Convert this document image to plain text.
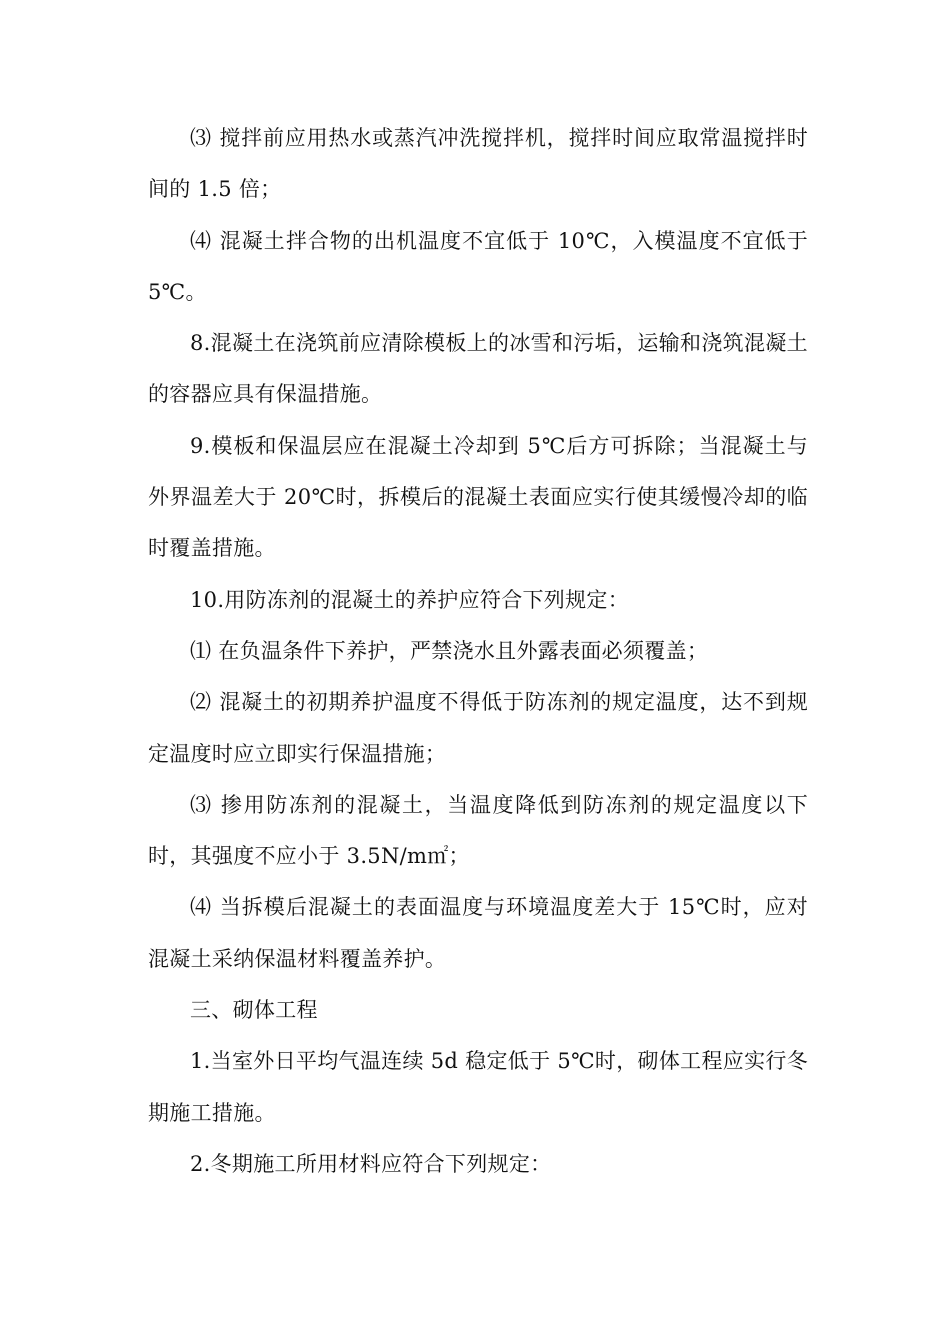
⑶ 搅拌前应用热水或蒸汽冲洗搅拌机，搅拌时间应取常温搅拌时间的 1.5 倍；

⑷ 混凝土拌合物的出机温度不宜低于 10℃，入模温度不宜低于 5℃。

8.混凝土在浇筑前应清除模板上的冰雪和污垢，运输和浇筑混凝土的容器应具有保温措施。

9.模板和保温层应在混凝土冷却到 5℃后方可拆除；当混凝土与外界温差大于 20℃时，拆模后的混凝土表面应实行使其缓慢冷却的临时覆盖措施。

10.用防冻剂的混凝土的养护应符合下列规定：

⑴ 在负温条件下养护，严禁浇水且外露表面必须覆盖；

⑵ 混凝土的初期养护温度不得低于防冻剂的规定温度，达不到规定温度时应立即实行保温措施；

⑶ 掺用防冻剂的混凝土，当温度降低到防冻剂的规定温度以下时，其强度不应小于 3.5N/m㎡；

⑷ 当拆模后混凝土的表面温度与环境温度差大于 15℃时，应对混凝土采纳保温材料覆盖养护。

三、砌体工程

1.当室外日平均气温连续 5d 稳定低于 5℃时，砌体工程应实行冬期施工措施。

2.冬期施工所用材料应符合下列规定：
